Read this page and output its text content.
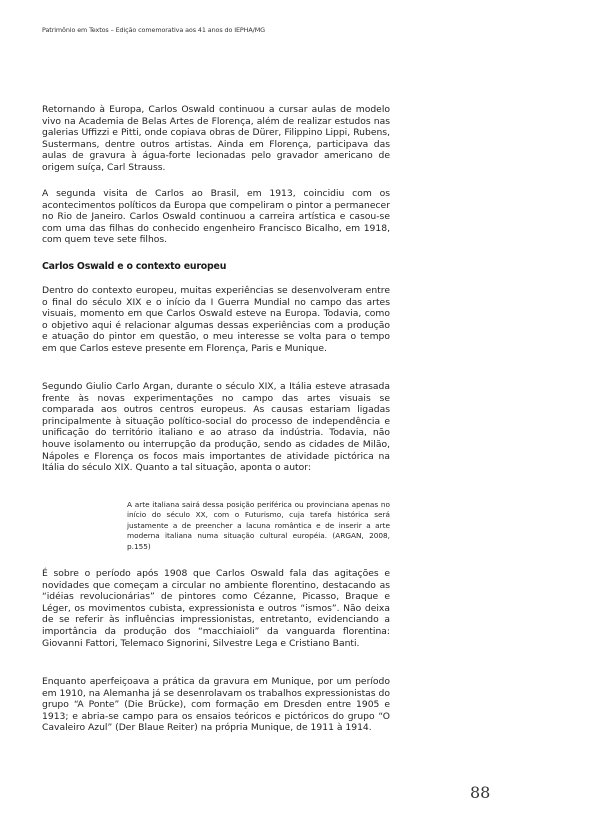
Patrimônio em Textos – Edição comemorativa aos 41 anos do IEPHA/MG

Retornando à Europa, Carlos Oswald continuou a cursar aulas de modelo vivo na Academia de Belas Artes de Florença, além de realizar estudos nas galerias Uffizzi e Pitti, onde copiava obras de Dürer, Filippino Lippi, Rubens, Sustermans, dentre outros artistas. Ainda em Florença, participava das aulas de gravura à água-forte lecionadas pelo gravador americano de origem suíça, Carl Strauss.

A segunda visita de Carlos ao Brasil, em 1913, coincidiu com os acontecimentos políticos da Europa que compeliram o pintor a permanecer no Rio de Janeiro. Carlos Oswald continuou a carreira artística e casou-se com uma das filhas do conhecido engenheiro Francisco Bicalho, em 1918, com quem teve sete filhos.

Carlos Oswald e o contexto europeu

Dentro do contexto europeu, muitas experiências se desenvolveram entre o final do século XIX e o início da I Guerra Mundial no campo das artes visuais, momento em que Carlos Oswald esteve na Europa. Todavia, como o objetivo aqui é relacionar algumas dessas experiências com a produção e atuação do pintor em questão, o meu interesse se volta para o tempo em que Carlos esteve presente em Florença, Paris e Munique.

Segundo Giulio Carlo Argan, durante o século XIX, a Itália esteve atrasada frente às novas experimentações no campo das artes visuais se comparada aos outros centros europeus. As causas estariam ligadas principalmente à situação político-social do processo de independência e unificação do território italiano e ao atraso da indústria. Todavia, não houve isolamento ou interrupção da produção, sendo as cidades de Milão, Nápoles e Florença os focos mais importantes de atividade pictórica na Itália do século XIX. Quanto a tal situação, aponta o autor:

A arte italiana sairá dessa posição periférica ou provinciana apenas no início do século XX, com o Futurismo, cuja tarefa histórica será justamente a de preencher a lacuna romântica e de inserir a arte moderna italiana numa situação cultural européia. (ARGAN, 2008, p.155)

É sobre o período após 1908 que Carlos Oswald fala das agitações e novidades que começam a circular no ambiente florentino, destacando as “idéias revolucionárias” de pintores como Cézanne, Picasso, Braque e Léger, os movimentos cubista, expressionista e outros “ismos”. Não deixa de se referir às influências impressionistas, entretanto, evidenciando a importância da produção dos “macchiaioli” da vanguarda florentina: Giovanni Fattori, Telemaco Signorini, Silvestre Lega e Cristiano Banti.

Enquanto aperfeiçoava a prática da gravura em Munique, por um período em 1910, na Alemanha já se desenrolavam os trabalhos expressionistas do grupo “A Ponte” (Die Brücke), com formação em Dresden entre 1905 e 1913; e abria-se campo para os ensaios teóricos e pictóricos do grupo “O Cavaleiro Azul” (Der Blaue Reiter) na própria Munique, de 1911 à 1914.

88
